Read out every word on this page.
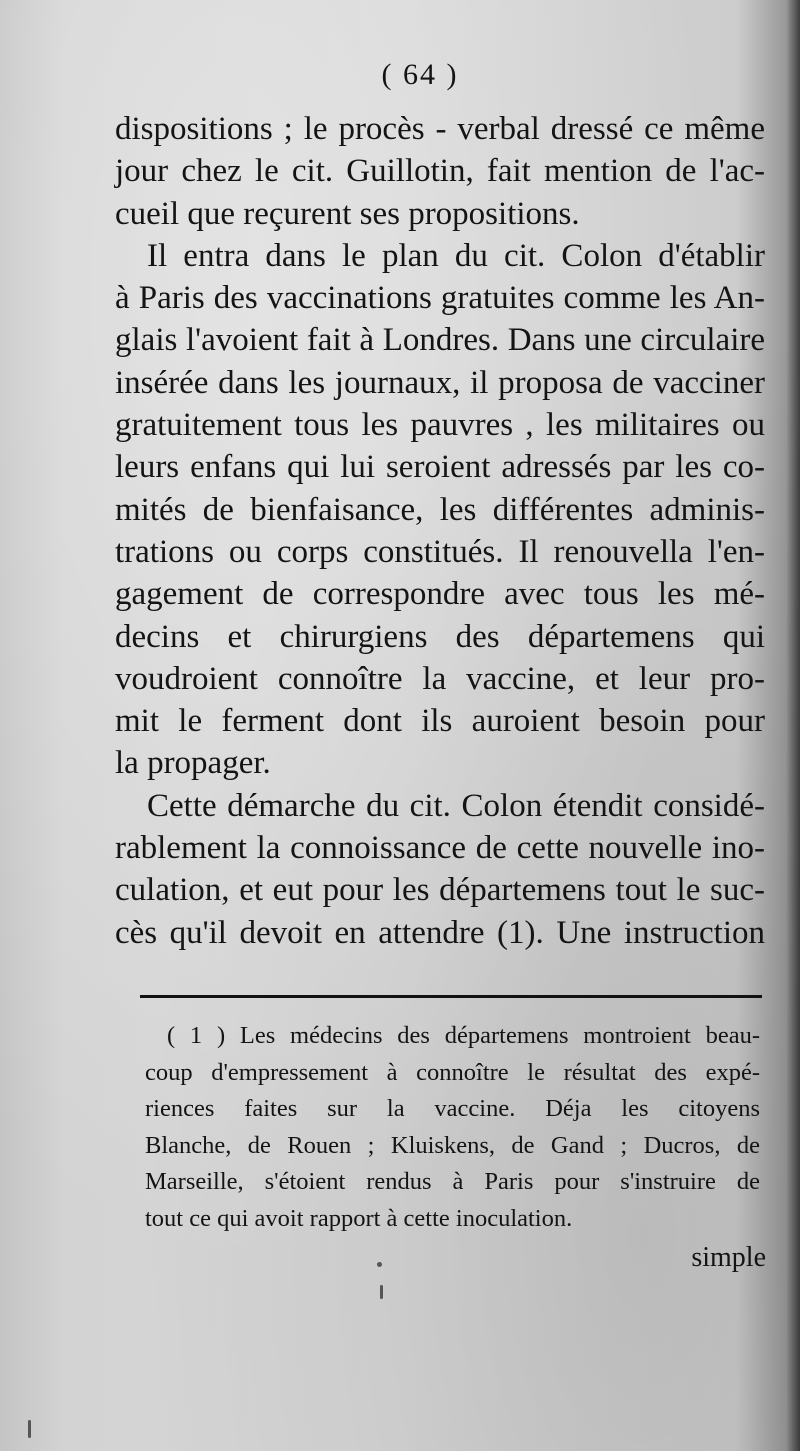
( 64 )
dispositions ; le procès - verbal dressé ce même
jour chez le cit. Guillotin, fait mention de l'ac-
cueil que reçurent ses propositions.
Il entra dans le plan du cit. Colon d'établir
à Paris des vaccinations gratuites comme les An-
glais l'avoient fait à Londres. Dans une circulaire
insérée dans les journaux, il proposa de vacciner
gratuitement tous les pauvres , les militaires ou
leurs enfans qui lui seroient adressés par les co-
mités de bienfaisance, les différentes adminis-
trations ou corps constitués. Il renouvella l'en-
gagement de correspondre avec tous les mé-
decins et chirurgiens des départemens qui
voudroient connoître la vaccine, et leur pro-
mit le ferment dont ils auroient besoin pour
la propager.
Cette démarche du cit. Colon étendit considé-
rablement la connoissance de cette nouvelle ino-
culation, et eut pour les départemens tout le suc-
cès qu'il devoit en attendre (1). Une instruction
( 1 ) Les médecins des départemens montroient beau-
coup d'empressement à connoître le résultat des expé-
riences faites sur la vaccine. Déja les citoyens
Blanche, de Rouen ; Kluiskens, de Gand ; Ducros, de
Marseille, s'étoient rendus à Paris pour s'instruire de
tout ce qui avoit rapport à cette inoculation.
simple
